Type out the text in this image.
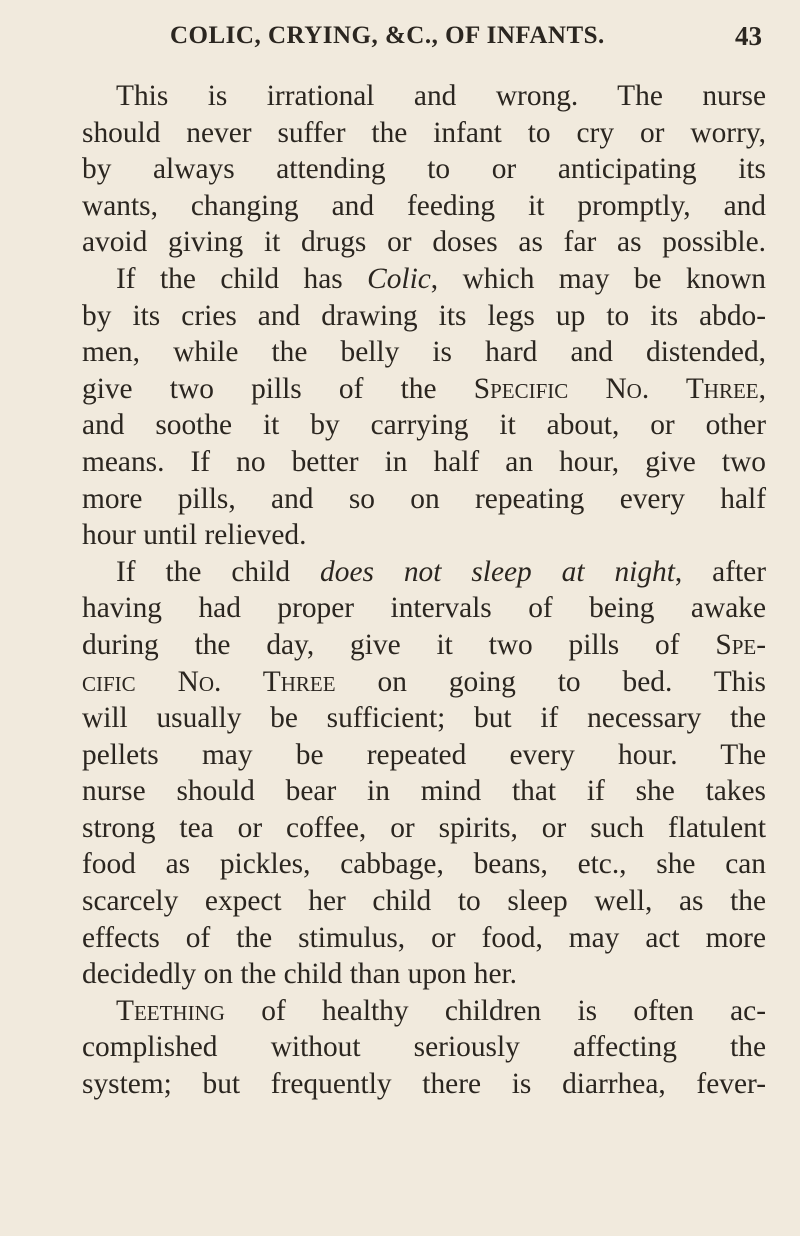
COLIC, CRYING, &C., OF INFANTS.	43

This is irrational and wrong. The nurse
should never suffer the infant to cry or worry,
by always attending to or anticipating its
wants, changing and feeding it promptly, and
avoid giving it drugs or doses as far as possible.

If the child has Colic, which may be known
by its cries and drawing its legs up to its abdo-
men, while the belly is hard and distended,
give two pills of the Specific No. Three,
and soothe it by carrying it about, or other
means. If no better in half an hour, give two
more pills, and so on repeating every half
hour until relieved.

If the child does not sleep at night, after
having had proper intervals of being awake
during the day, give it two pills of Spe-
cific No. Three on going to bed. This
will usually be sufficient; but if necessary the
pellets may be repeated every hour. The
nurse should bear in mind that if she takes
strong tea or coffee, or spirits, or such flatulent
food as pickles, cabbage, beans, etc., she can
scarcely expect her child to sleep well, as the
effects of the stimulus, or food, may act more
decidedly on the child than upon her.

Teething of healthy children is often ac-
complished without seriously affecting the
system; but frequently there is diarrhea, fever-
